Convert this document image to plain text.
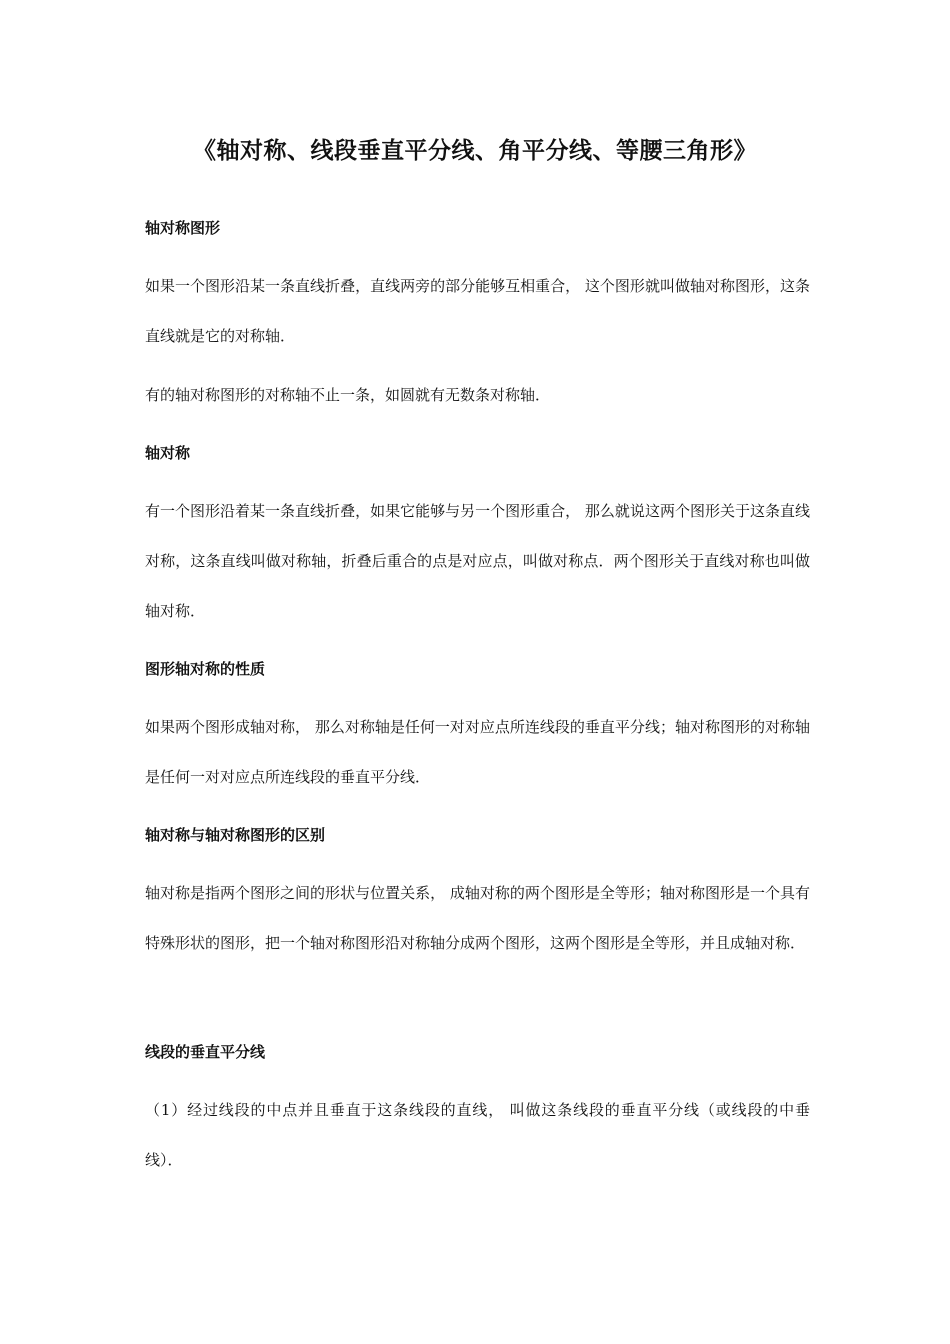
《轴对称、线段垂直平分线、角平分线、等腰三角形》
轴对称图形

如果一个图形沿某一条直线折叠，直线两旁的部分能够互相重合， 这个图形就叫做轴对称图形，这条直线就是它的对称轴．

有的轴对称图形的对称轴不止一条，如圆就有无数条对称轴．

轴对称

有一个图形沿着某一条直线折叠，如果它能够与另一个图形重合， 那么就说这两个图形关于这条直线对称，这条直线叫做对称轴，折叠后重合的点是对应点，叫做对称点．两个图形关于直线对称也叫做轴对称．

图形轴对称的性质

如果两个图形成轴对称， 那么对称轴是任何一对对应点所连线段的垂直平分线；轴对称图形的对称轴是任何一对对应点所连线段的垂直平分线．

轴对称与轴对称图形的区别

轴对称是指两个图形之间的形状与位置关系， 成轴对称的两个图形是全等形；轴对称图形是一个具有特殊形状的图形，把一个轴对称图形沿对称轴分成两个图形，这两个图形是全等形，并且成轴对称．

线段的垂直平分线

（1）经过线段的中点并且垂直于这条线段的直线， 叫做这条线段的垂直平分线（或线段的中垂线）．
